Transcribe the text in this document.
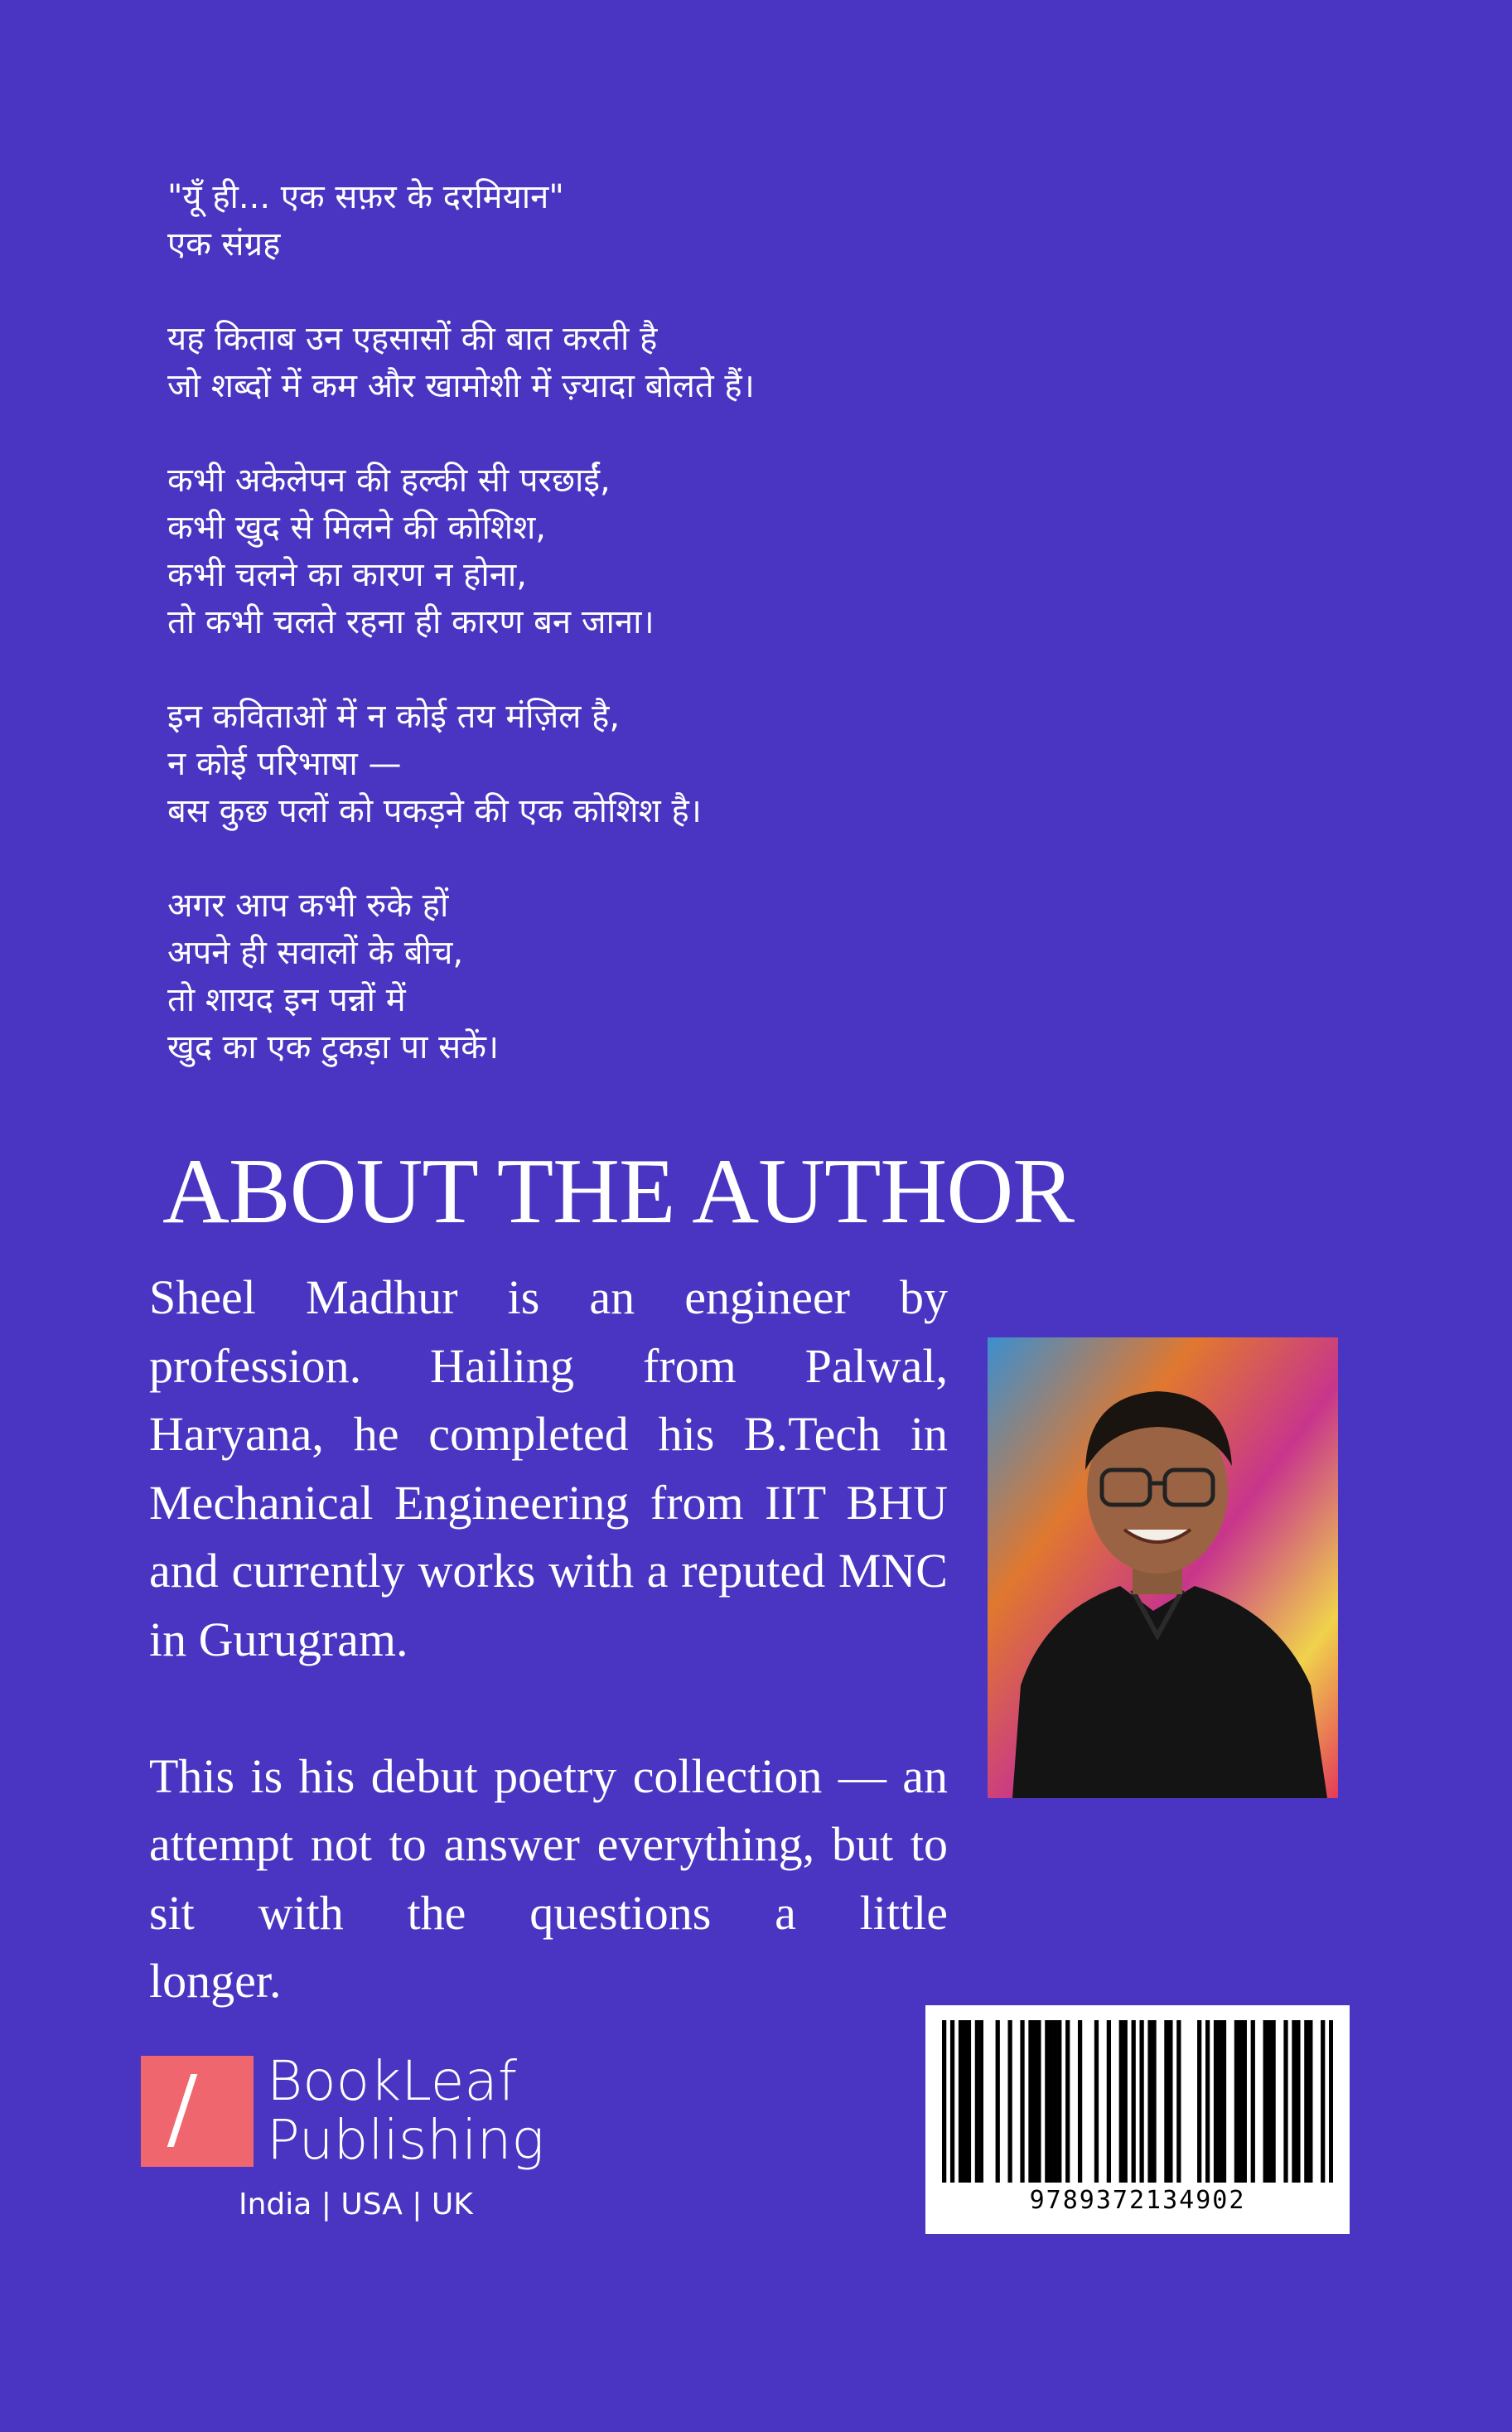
"यूँ ही... एक सफ़र के दरमियान"
एक संग्रह
यह किताब उन एहसासों की बात करती है
जो शब्दों में कम और खामोशी में ज़्यादा बोलते हैं।
कभी अकेलेपन की हल्की सी परछाईं,
कभी खुद से मिलने की कोशिश,
कभी चलने का कारण न होना,
तो कभी चलते रहना ही कारण बन जाना।
इन कविताओं में न कोई तय मंज़िल है,
न कोई परिभाषा —
बस कुछ पलों को पकड़ने की एक कोशिश है।
अगर आप कभी रुके हों
अपने ही सवालों के बीच,
तो शायद इन पन्नों में
खुद का एक टुकड़ा पा सकें।
ABOUT THE AUTHOR

Sheel Madhur is an engineer by profession. Hailing from Palwal, Haryana, he completed his B.Tech in Mechanical Engineering from IIT BHU and currently works with a reputed MNC in Gurugram.

This is his debut poetry collection — an attempt not to answer everything, but to sit with the questions a little

longer.

BookLeaf
Publishing
India | USA | UK	9789372134902
